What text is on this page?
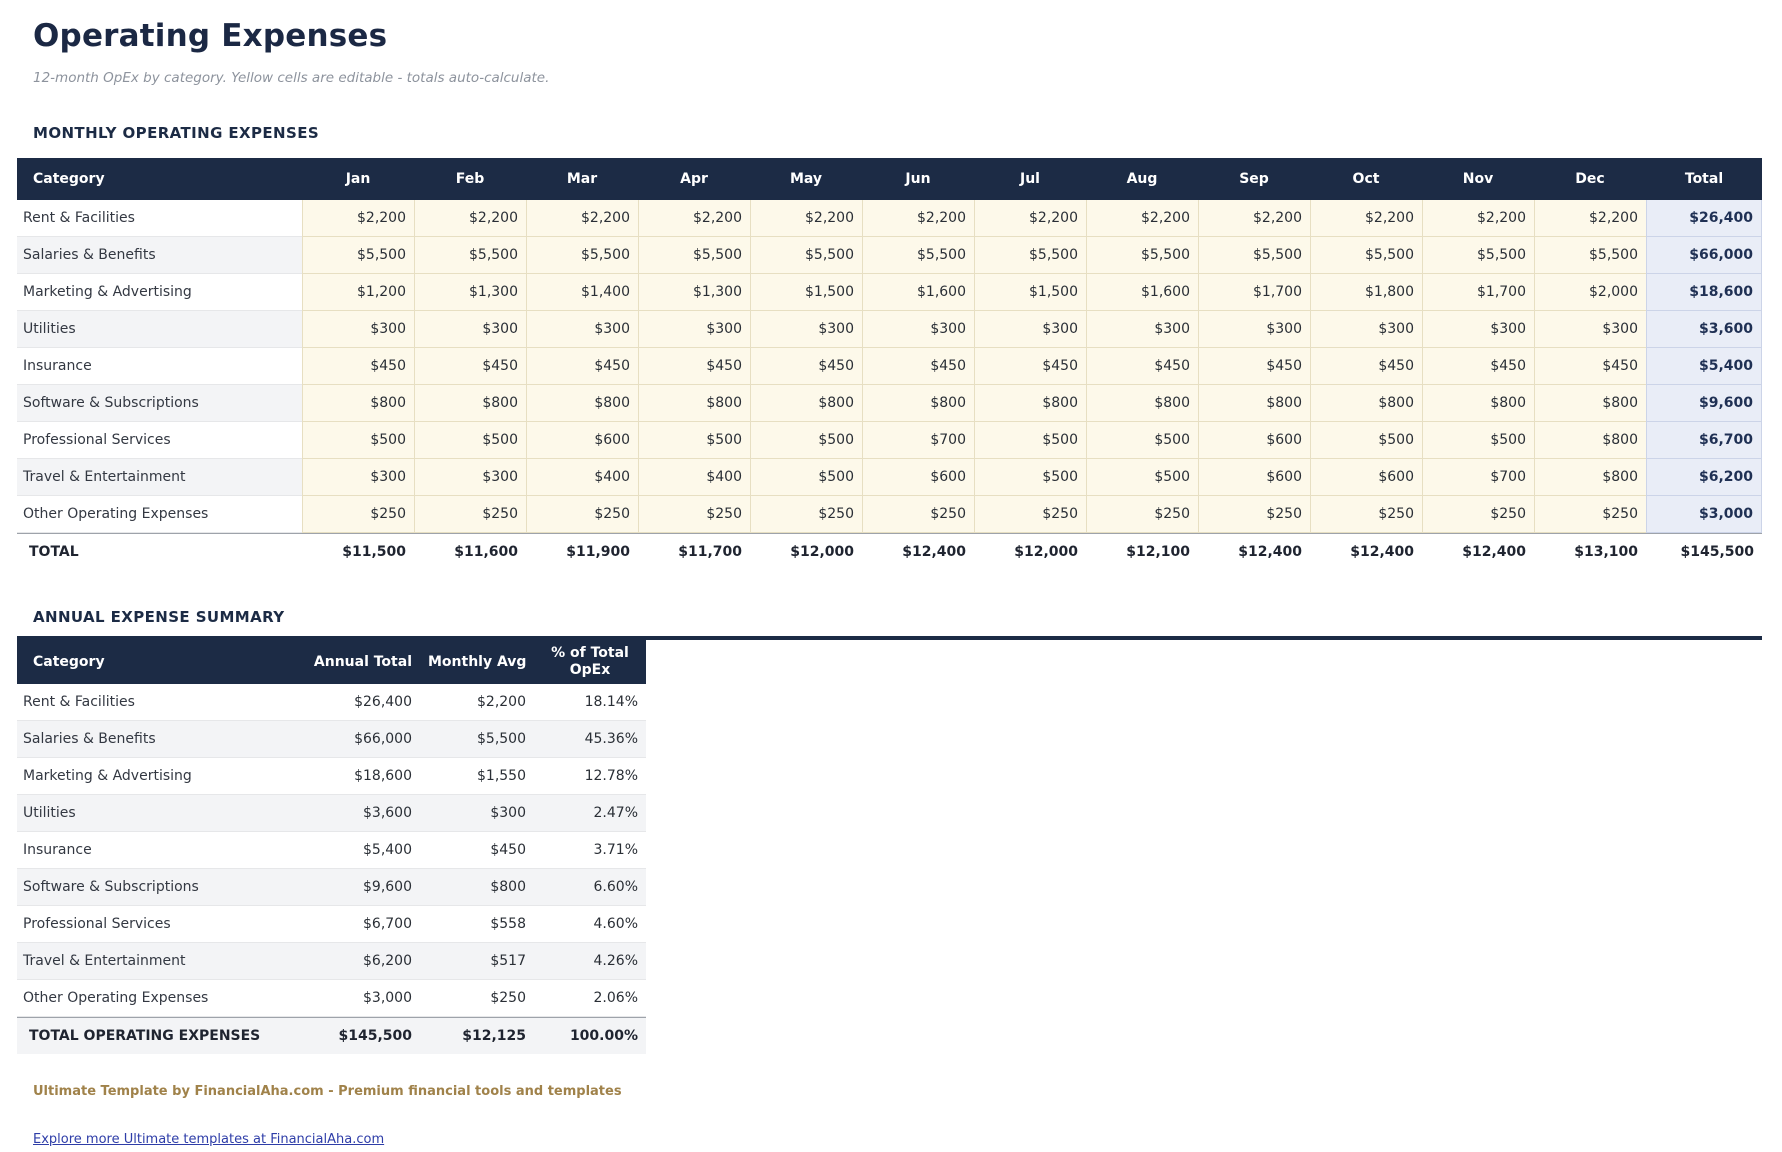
Operating Expenses
12-month OpEx by category. Yellow cells are editable - totals auto-calculate.
MONTHLY OPERATING EXPENSES
Category	Jan	Feb	Mar	Apr	May	Jun	Jul	Aug	Sep	Oct	Nov	Dec	Total
Rent & Facilities	$2,200	$2,200	$2,200	$2,200	$2,200	$2,200	$2,200	$2,200	$2,200	$2,200	$2,200	$2,200	$26,400
Salaries & Benefits	$5,500	$5,500	$5,500	$5,500	$5,500	$5,500	$5,500	$5,500	$5,500	$5,500	$5,500	$5,500	$66,000
Marketing & Advertising	$1,200	$1,300	$1,400	$1,300	$1,500	$1,600	$1,500	$1,600	$1,700	$1,800	$1,700	$2,000	$18,600
Utilities	$300	$300	$300	$300	$300	$300	$300	$300	$300	$300	$300	$300	$3,600
Insurance	$450	$450	$450	$450	$450	$450	$450	$450	$450	$450	$450	$450	$5,400
Software & Subscriptions	$800	$800	$800	$800	$800	$800	$800	$800	$800	$800	$800	$800	$9,600
Professional Services	$500	$500	$600	$500	$500	$700	$500	$500	$600	$500	$500	$800	$6,700
Travel & Entertainment	$300	$300	$400	$400	$500	$600	$500	$500	$600	$600	$700	$800	$6,200
Other Operating Expenses	$250	$250	$250	$250	$250	$250	$250	$250	$250	$250	$250	$250	$3,000
TOTAL	$11,500	$11,600	$11,900	$11,700	$12,000	$12,400	$12,000	$12,100	$12,400	$12,400	$12,400	$13,100	$145,500
ANNUAL EXPENSE SUMMARY
Category	Annual Total	Monthly Avg	% of Total OpEx
Rent & Facilities	$26,400	$2,200	18.14%
Salaries & Benefits	$66,000	$5,500	45.36%
Marketing & Advertising	$18,600	$1,550	12.78%
Utilities	$3,600	$300	2.47%
Insurance	$5,400	$450	3.71%
Software & Subscriptions	$9,600	$800	6.60%
Professional Services	$6,700	$558	4.60%
Travel & Entertainment	$6,200	$517	4.26%
Other Operating Expenses	$3,000	$250	2.06%
TOTAL OPERATING EXPENSES	$145,500	$12,125	100.00%
Ultimate Template by FinancialAha.com - Premium financial tools and templates

Explore more Ultimate templates at FinancialAha.com
